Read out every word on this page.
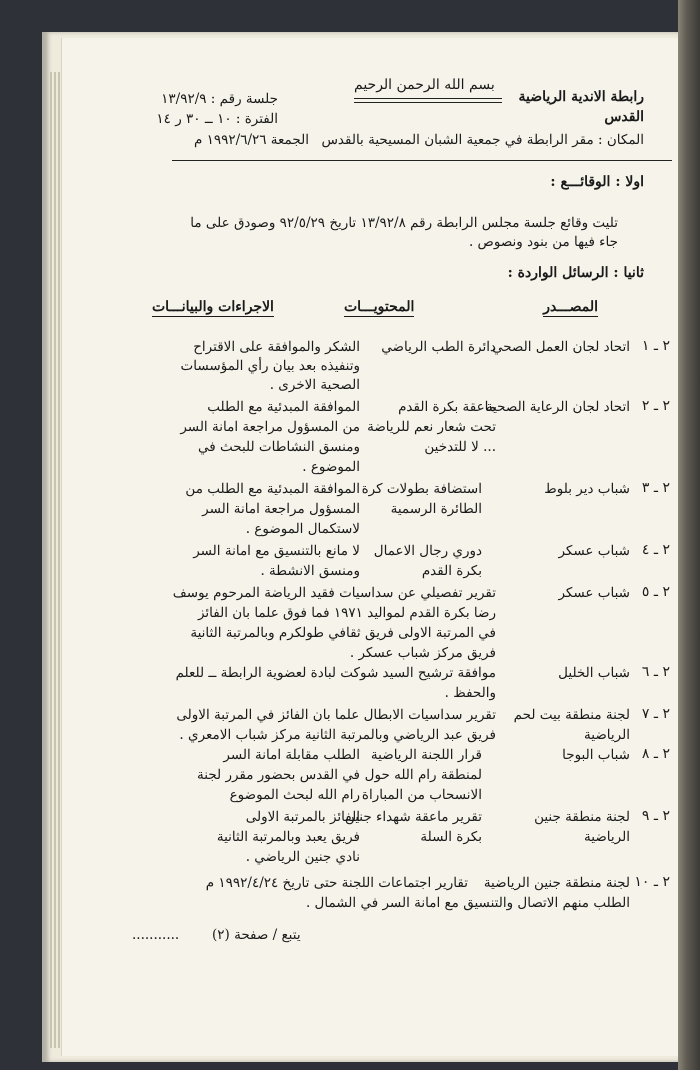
بسم الله الرحمن الرحيم
رابطة الاندية الرياضية
القدس
جلسة رقم : ١٣/٩٢/٩
الفترة : ١٠ ــ ٣٠ ر ١٤
المكان : مقر الرابطة في جمعية الشبان المسيحية بالقدس
الجمعة ١٩٩٢/٦/٢٦ م
اولا : الوقائـــع :
تليت وقائع جلسة مجلس الرابطة رقم ١٣/٩٢/٨ تاريخ ٩٢/٥/٢٩ وصودق على ما
جاء فيها من بنود ونصوص .
ثانيا : الرسائل الواردة :
المصـــدر
المحتويـــات
الاجراءات والبيانـــات
٢ ـ ١
اتحاد لجان العمل الصحي
دائرة الطب الرياضي
الشكر والموافقة على الاقتراح
وتنفيذه بعد بيان رأي المؤسسات
الصحية الاخرى .
٢ ـ ٢
اتحاد لجان الرعاية الصحية
ماعقة بكرة القدم
تحت شعار نعم للرياضة
... لا للتدخين
الموافقة المبدئية مع الطلب
من المسؤول مراجعة امانة السر
ومنسق النشاطات للبحث في
الموضوع .
٢ ـ ٣
شباب دير بلوط
استضافة بطولات كرة
الطائرة الرسمية
الموافقة المبدئية مع الطلب من
المسؤول مراجعة امانة السر
لاستكمال الموضوع .
٢ ـ ٤
شباب عسكر
دوري رجال الاعمال
بكرة القدم
لا مانع بالتنسيق مع امانة السر
ومنسق الانشطة .
٢ ـ ٥
شباب عسكر
تقرير تفصيلي عن سداسيات فقيد الرياضة المرحوم يوسف
رضا بكرة القدم لمواليد ١٩٧١ فما فوق علما بان الفائز
في المرتبة الاولى فريق ثقافي طولكرم وبالمرتبة الثانية
فريق مركز شباب عسكر .
٢ ـ ٦
شباب الخليل
موافقة ترشيح السيد شوكت لبادة لعضوية الرابطة ــ للعلم
والحفظ .
٢ ـ ٧
لجنة منطقة بيت لحم
الرياضية
تقرير سداسيات الابطال علما بان الفائز في المرتبة الاولى
فريق عبد الرياضي وبالمرتبة الثانية مركز شباب الامعري .
٢ ـ ٨
شباب البوجا
قرار اللجنة الرياضية
لمنطقة رام الله حول
الانسحاب من المباراة
الطلب مقابلة امانة السر
في القدس بحضور مقرر لجنة
رام الله لبحث الموضوع
٢ ـ ٩
لجنة منطقة جنين
الرياضية
تقرير ماعقة شهداء جنين
بكرة السلة
الفائز بالمرتبة الاولى
فريق يعبد وبالمرتبة الثانية
نادي جنين الرياضي .
٢ ـ ١٠
لجنة منطقة جنين الرياضية
تقارير اجتماعات اللجنة حتى تاريخ ١٩٩٢/٤/٢٤ م
الطلب منهم الاتصال والتنسيق مع امانة السر في الشمال .
يتبع / صفحة (٢)
...........
